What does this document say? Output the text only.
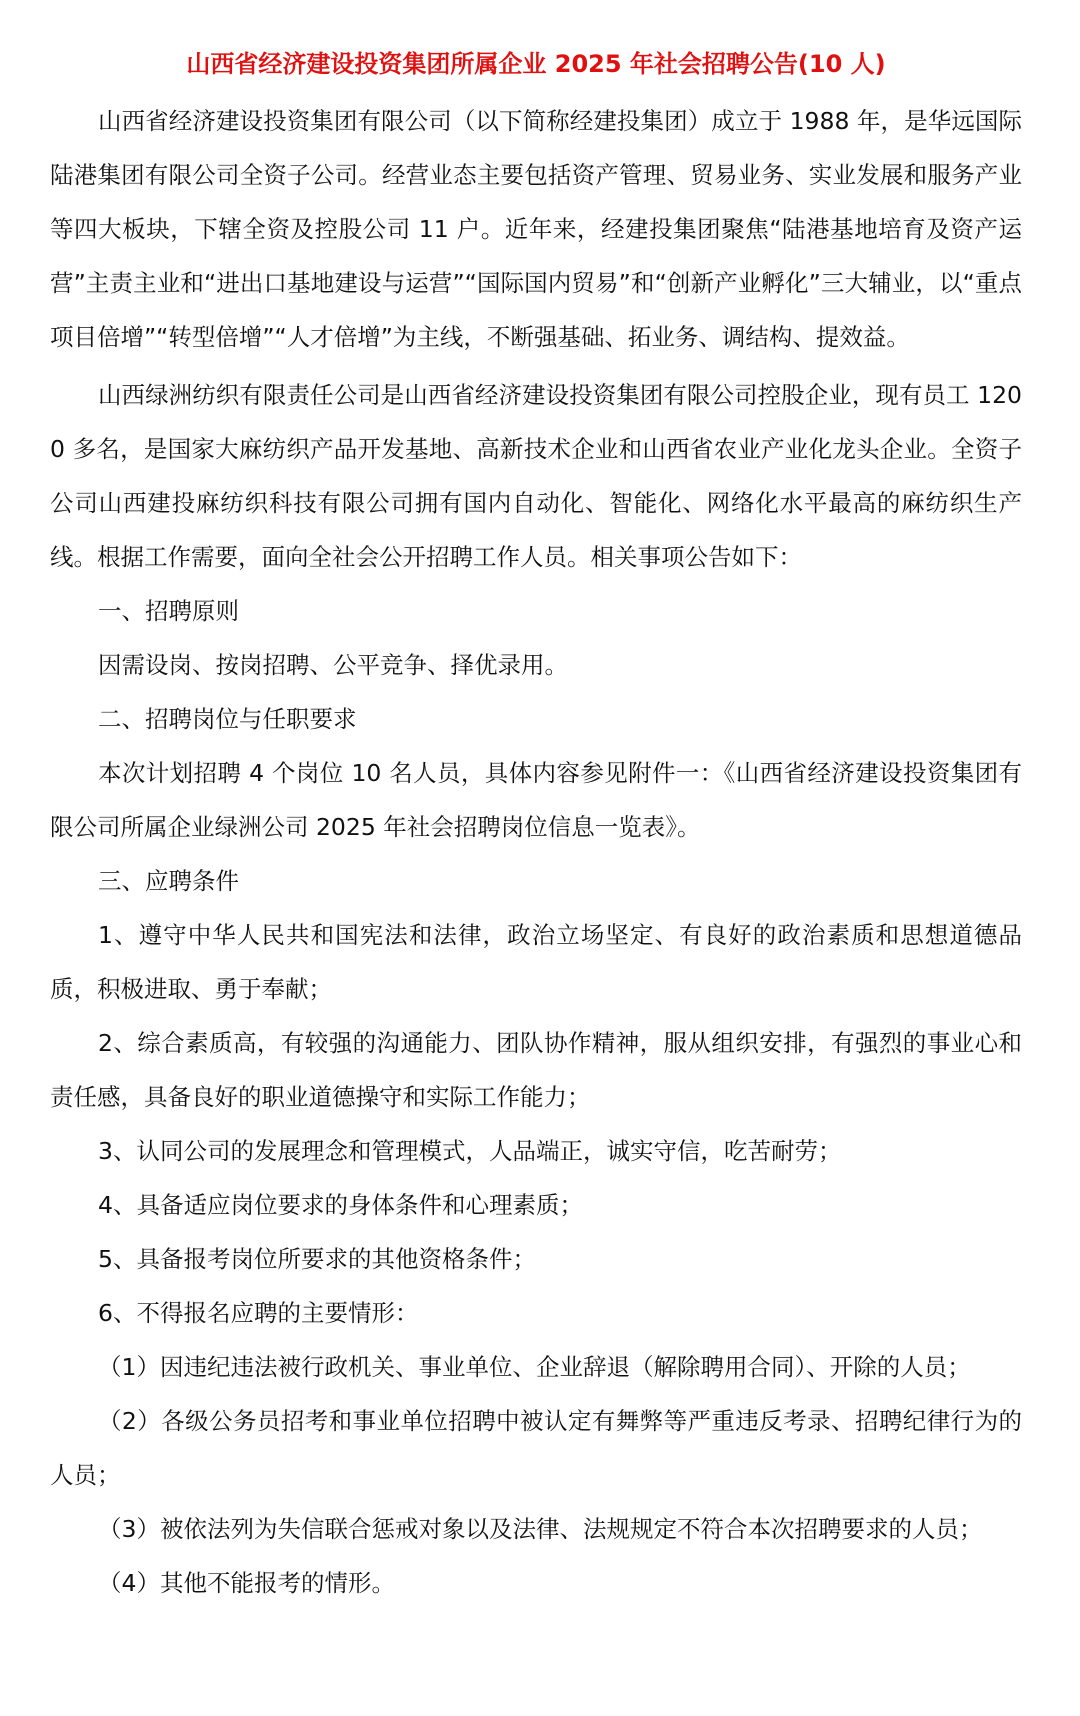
山西省经济建设投资集团所属企业 2025 年社会招聘公告(10 人)

山西省经济建设投资集团有限公司（以下简称经建投集团）成立于 1988 年，是华远国际陆港集团有限公司全资子公司。经营业态主要包括资产管理、贸易业务、实业发展和服务产业等四大板块，下辖全资及控股公司 11 户。近年来，经建投集团聚焦“陆港基地培育及资产运营”主责主业和“进出口基地建设与运营”“国际国内贸易”和“创新产业孵化”三大辅业，以“重点项目倍增”“转型倍增”“人才倍增”为主线，不断强基础、拓业务、调结构、提效益。

山西绿洲纺织有限责任公司是山西省经济建设投资集团有限公司控股企业，现有员工 1200 多名，是国家大麻纺织产品开发基地、高新技术企业和山西省农业产业化龙头企业。全资子公司山西建投麻纺织科技有限公司拥有国内自动化、智能化、网络化水平最高的麻纺织生产线。根据工作需要，面向全社会公开招聘工作人员。相关事项公告如下：

一、招聘原则

因需设岗、按岗招聘、公平竞争、择优录用。

二、招聘岗位与任职要求

本次计划招聘 4 个岗位 10 名人员，具体内容参见附件一：《山西省经济建设投资集团有限公司所属企业绿洲公司 2025 年社会招聘岗位信息一览表》。

三、应聘条件

1、遵守中华人民共和国宪法和法律，政治立场坚定、有良好的政治素质和思想道德品质，积极进取、勇于奉献；

2、综合素质高，有较强的沟通能力、团队协作精神，服从组织安排，有强烈的事业心和责任感，具备良好的职业道德操守和实际工作能力；

3、认同公司的发展理念和管理模式，人品端正，诚实守信，吃苦耐劳；

4、具备适应岗位要求的身体条件和心理素质；

5、具备报考岗位所要求的其他资格条件；

6、不得报名应聘的主要情形：

（1）因违纪违法被行政机关、事业单位、企业辞退（解除聘用合同）、开除的人员；

（2）各级公务员招考和事业单位招聘中被认定有舞弊等严重违反考录、招聘纪律行为的人员；

（3）被依法列为失信联合惩戒对象以及法律、法规规定不符合本次招聘要求的人员；

（4）其他不能报考的情形。
